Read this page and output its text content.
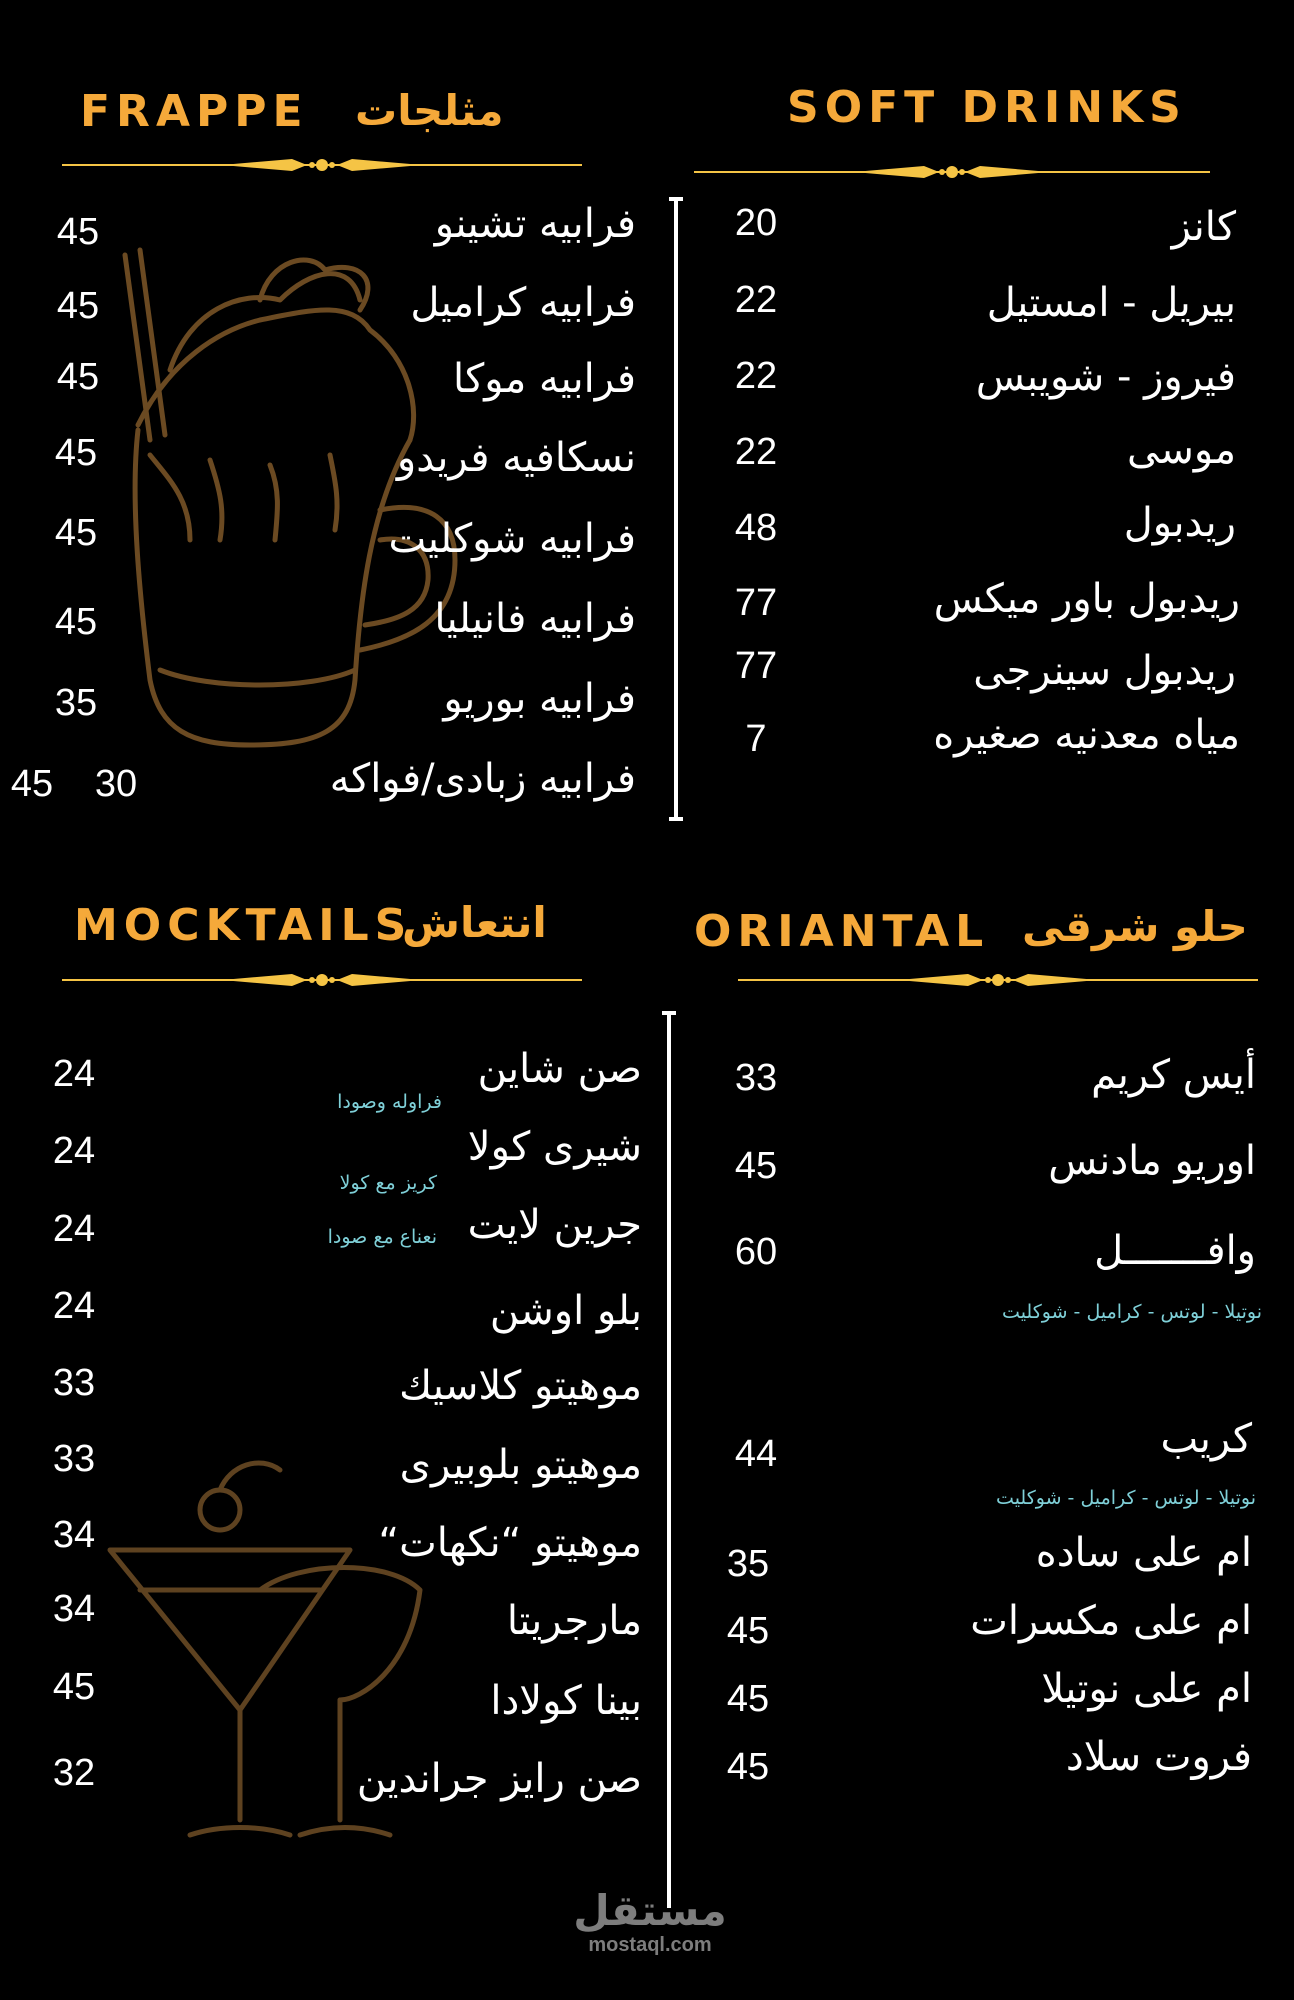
FRAPPE مثلجات
فرابيه تشينو
45
فرابيه كراميل
45
فرابيه موكا
45
نسكافيه فريدو
45
فرابيه شوكليت
45
فرابيه فانيليا
45
فرابيه بوريو
35
فرابيه زبادى/فواكه
30
45
SOFT DRINKS
كانز
20
بيريل - امستيل
22
فيروز - شويبس
22
موسى
22
ريدبول
48
ريدبول باور ميكس
77
ريدبول سينرجى
77
مياه معدنيه صغيره
7
MOCKTAILS
انتعاش
صن شاين
فراوله وصودا
24
شيرى كولا
كريز مع كولا
24
جرين لايت
نعناع مع صودا
24
بلو اوشن
24
موهيتو كلاسيك
33
موهيتو بلوبيرى
33
موهيتو “نكهات“
34
مارجريتا
34
بينا كولادا
45
صن رايز جراندين
32
ORIANTAL حلو شرقى
أيس كريم
33
اوريو مادنس
45
وافـــــــل
60
نوتيلا - لوتس - كراميل - شوكليت
كريب
44
نوتيلا - لوتس - كراميل - شوكليت
ام على ساده
35
ام على مكسرات
45
ام على نوتيلا
45
فروت سلاد
45
مستقل
mostaql.com
